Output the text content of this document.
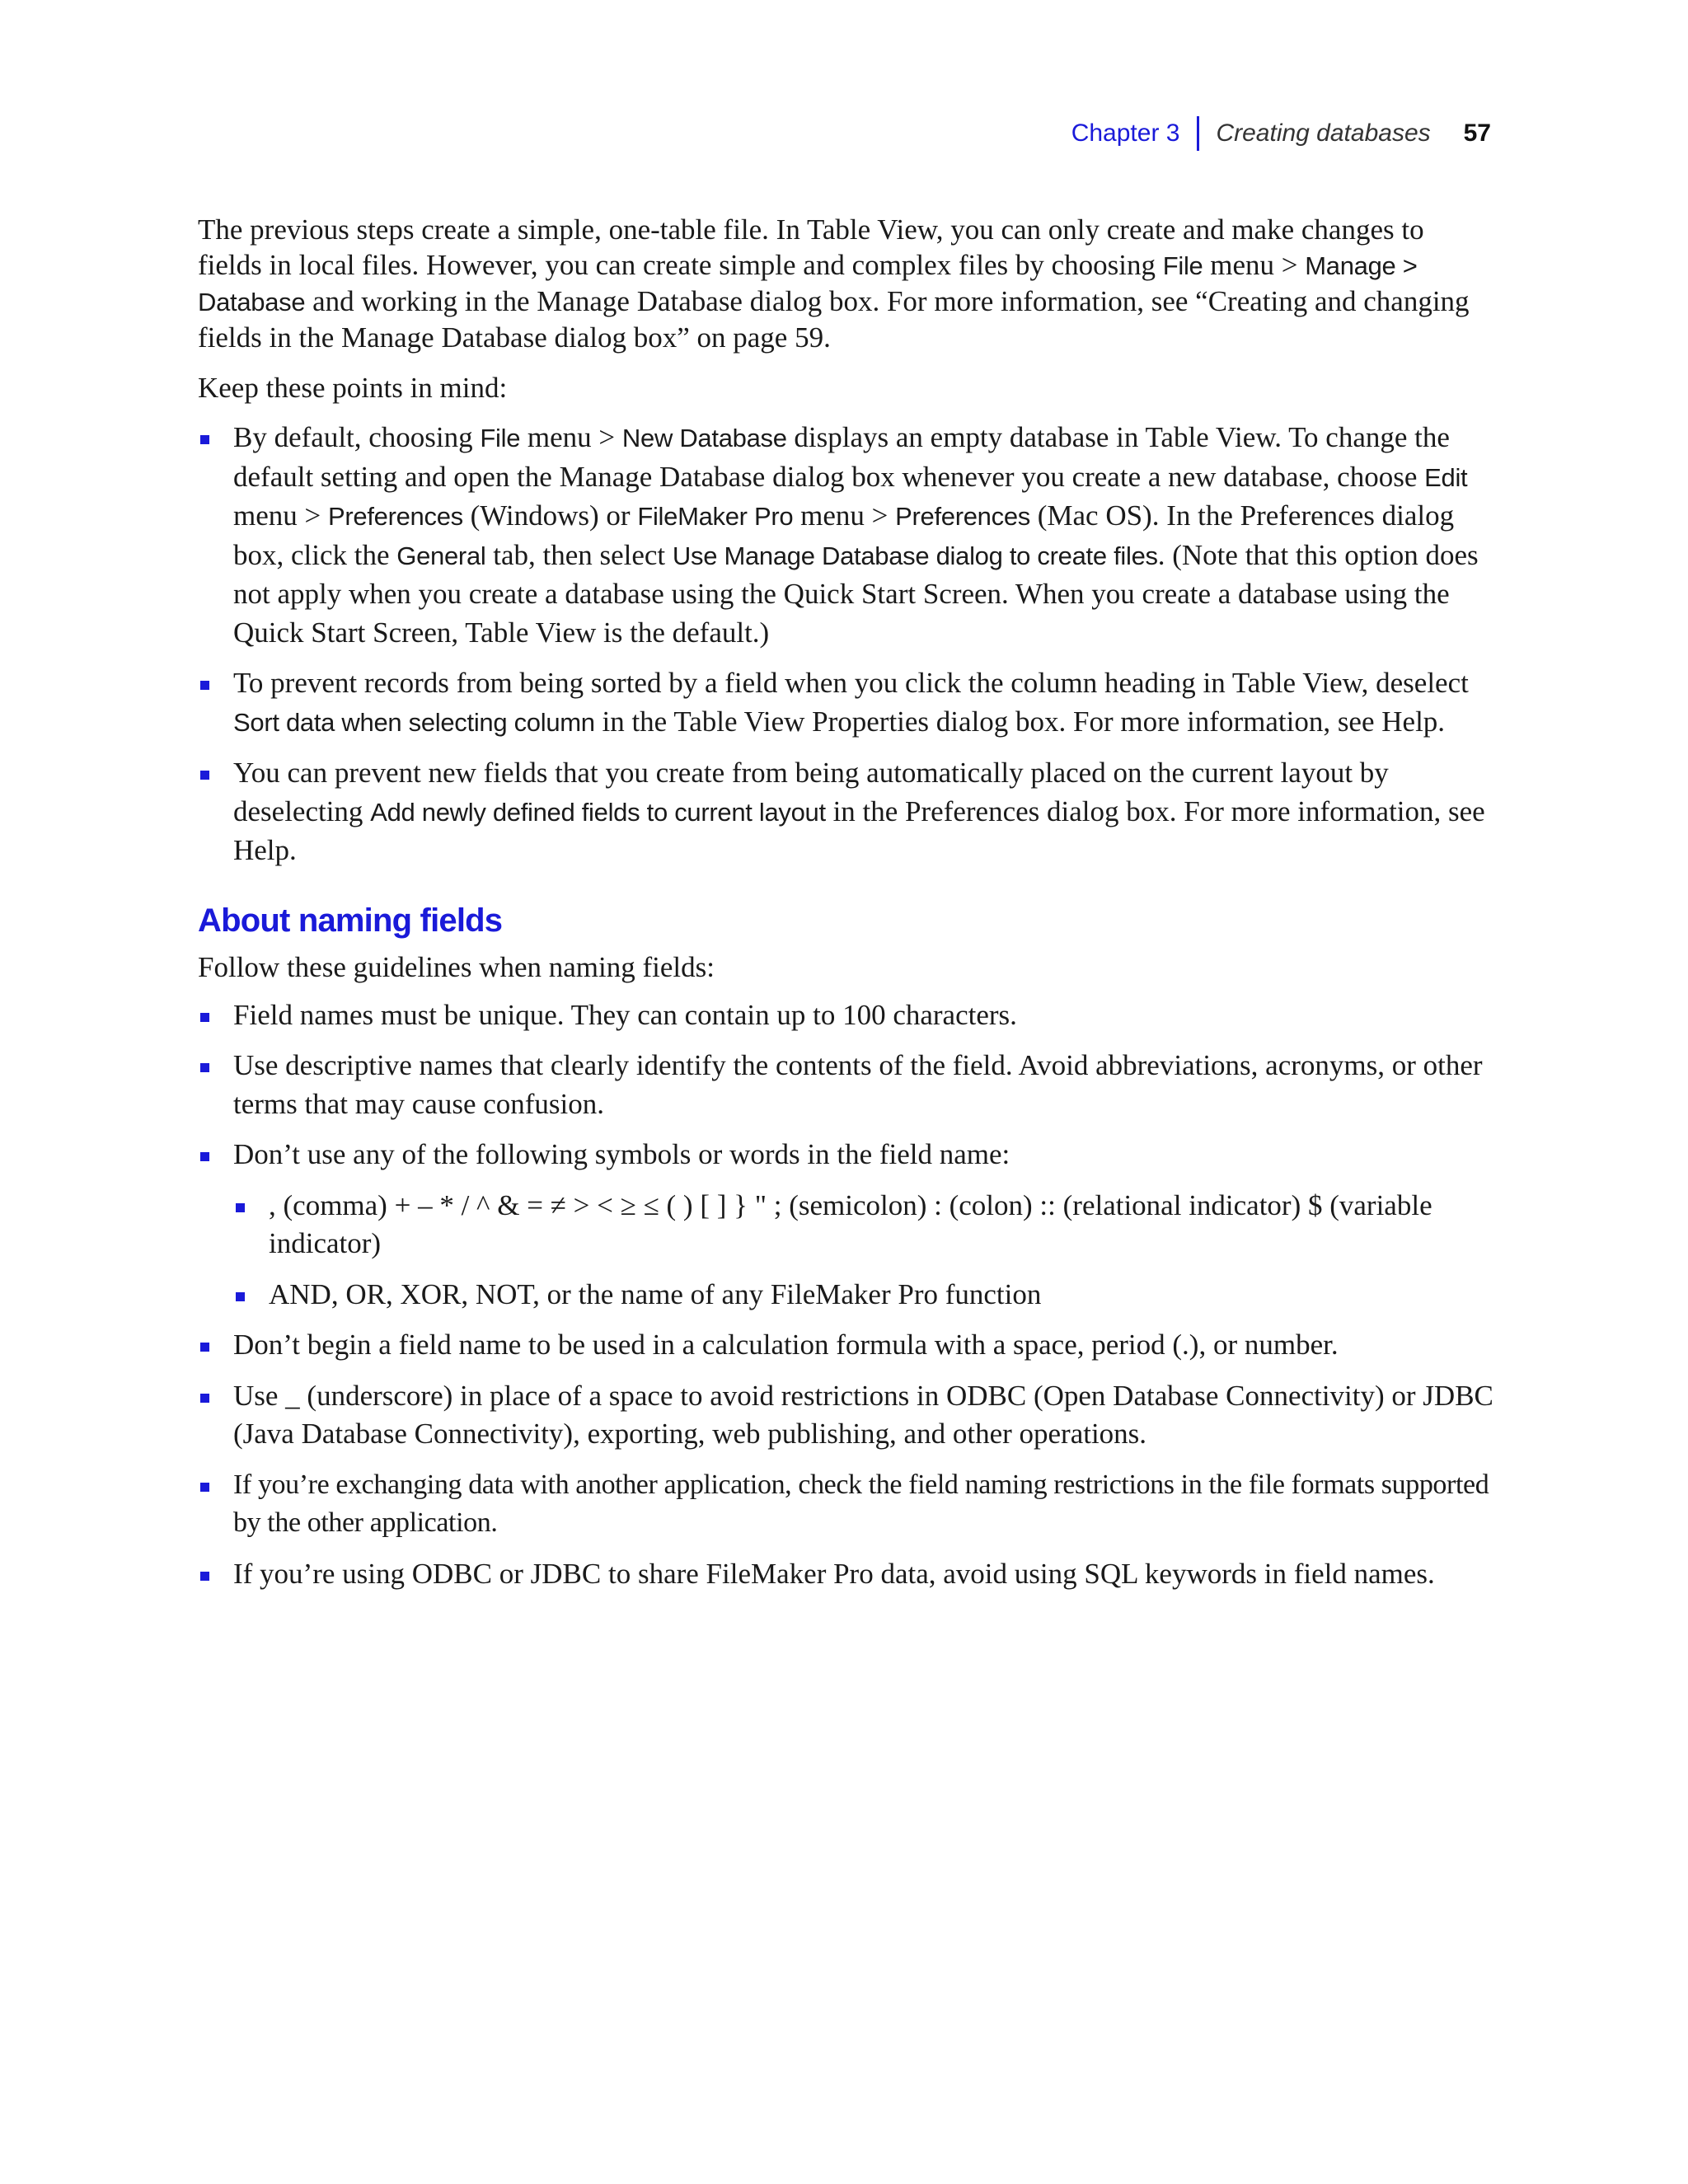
Chapter 3 Creating databases 57

The previous steps create a simple, one-table file. In Table View, you can only create and make changes to fields in local files. However, you can create simple and complex files by choosing File menu > Manage > Database and working in the Manage Database dialog box. For more information, see “Creating and changing fields in the Manage Database dialog box” on page 59.

Keep these points in mind:

By default, choosing File menu > New Database displays an empty database in Table View. To change the default setting and open the Manage Database dialog box whenever you create a new database, choose Edit menu > Preferences (Windows) or FileMaker Pro menu > Preferences (Mac OS). In the Preferences dialog box, click the General tab, then select Use Manage Database dialog to create files. (Note that this option does not apply when you create a database using the Quick Start Screen. When you create a database using the Quick Start Screen, Table View is the default.)
To prevent records from being sorted by a field when you click the column heading in Table View, deselect Sort data when selecting column in the Table View Properties dialog box. For more information, see Help.
You can prevent new fields that you create from being automatically placed on the current layout by deselecting Add newly defined fields to current layout in the Preferences dialog box. For more information, see Help.
About naming fields

Follow these guidelines when naming fields:

Field names must be unique. They can contain up to 100 characters.
Use descriptive names that clearly identify the contents of the field. Avoid abbreviations, acronyms, or other terms that may cause confusion.
Don’t use any of the following symbols or words in the field name:
, (comma) + – * / ^ & = ≠ > < ≥ ≤ ( ) [ ] } " ; (semicolon) : (colon) :: (relational indicator) $ (variable indicator)
AND, OR, XOR, NOT, or the name of any FileMaker Pro function
Don’t begin a field name to be used in a calculation formula with a space, period (.), or number.
Use _ (underscore) in place of a space to avoid restrictions in ODBC (Open Database Connectivity) or JDBC (Java Database Connectivity), exporting, web publishing, and other operations.
If you’re exchanging data with another application, check the field naming restrictions in the file formats supported by the other application.
If you’re using ODBC or JDBC to share FileMaker Pro data, avoid using SQL keywords in field names.
